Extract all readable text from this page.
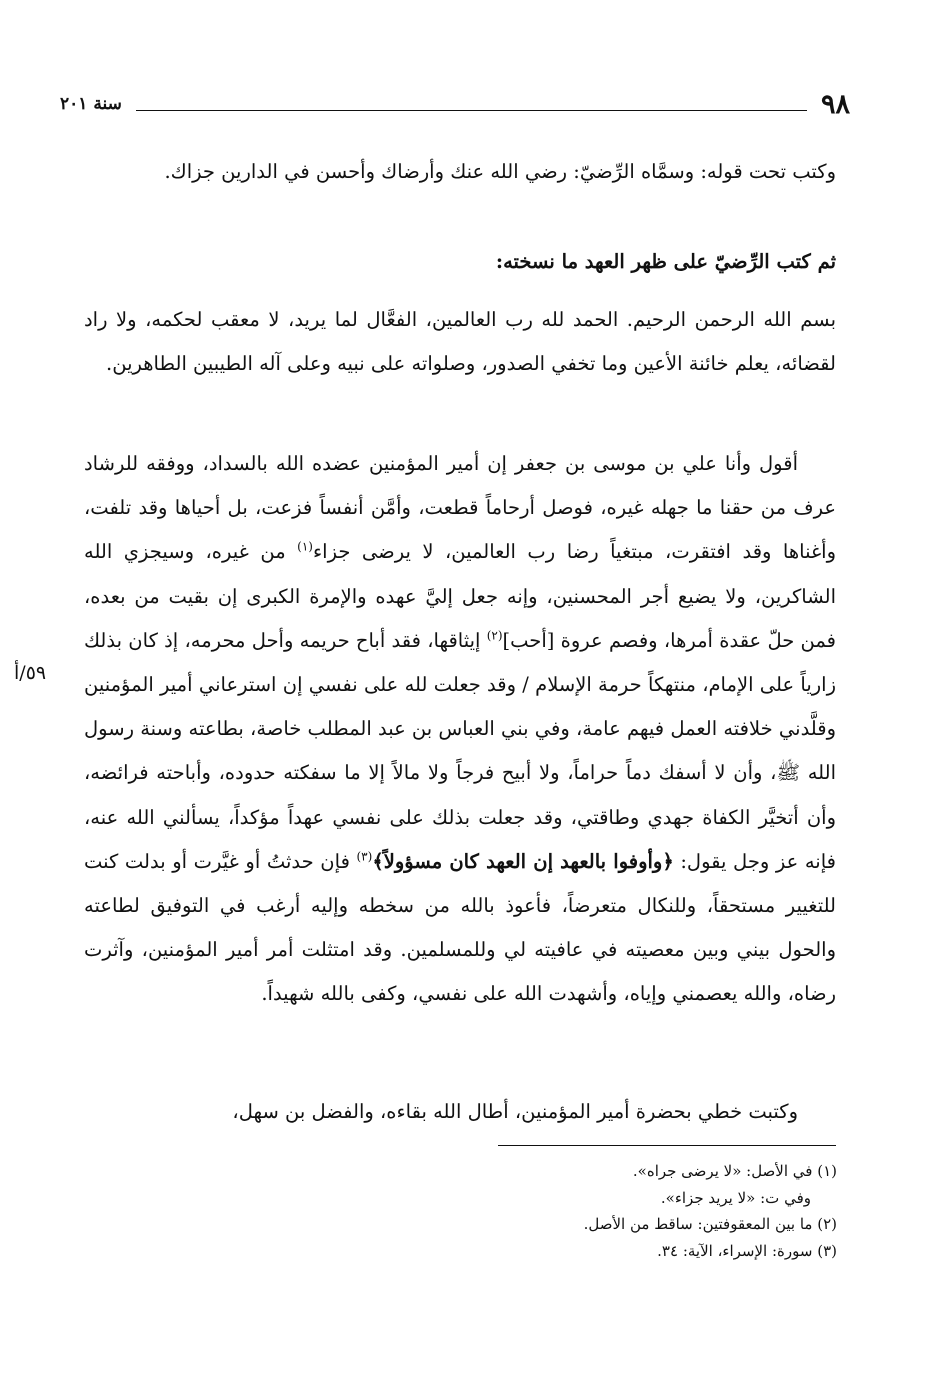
٩٨
سنة ٢٠١
وكتب تحت قوله: وسمَّاه الرِّضيّ: رضي الله عنك وأرضاك وأحسن في الدارين جزاك.
ثم كتب الرِّضيّ على ظهر العهد ما نسخته:
بسم الله الرحمن الرحيم. الحمد لله رب العالمين، الفعَّال لما يريد، لا معقب لحكمه، ولا راد لقضائه، يعلم خائنة الأعين وما تخفي الصدور، وصلواته على نبيه وعلى آله الطيبين الطاهرين.
أقول وأنا علي بن موسى بن جعفر إن أمير المؤمنين عضده الله بالسداد، ووفقه للرشاد عرف من حقنا ما جهله غيره، فوصل أرحاماً قطعت، وأمَّن أنفساً فزعت، بل أحياها وقد تلفت، وأغناها وقد افتقرت، مبتغياً رضا رب العالمين، لا يرضى جزاء$^{(١)}$ من غيره، وسيجزي الله الشاكرين، ولا يضيع أجر المحسنين، وإنه جعل إليَّ عهده والإمرة الكبرى إن بقيت من بعده، فمن حلّ عقدة أمرها، وفصم عروة [أحب]$^{(٢)}$ إيثاقها، فقد أباح حريمه وأحل محرمه، إذ كان بذلك زارياً على الإمام، منتهكاً حرمة الإسلام / وقد جعلت لله على نفسي إن استرعاني أمير المؤمنين وقلَّدني خلافته العمل فيهم عامة، وفي بني العباس بن عبد المطلب خاصة، بطاعته وسنة رسول الله ﷺ، وأن لا أسفك دماً حراماً، ولا أبيح فرجاً ولا مالاً إلا ما سفكته حدوده، وأباحته فرائضه، وأن أتخيَّر الكفاة جهدي وطاقتي، وقد جعلت بذلك على نفسي عهداً مؤكداً، يسألني الله عنه، فإنه عز وجل يقول: ﴿وأوفوا بالعهد إن العهد كان مسؤولاً﴾$^{(٣)}$ فإن حدثتُ أو غيَّرت أو بدلت كنت للتغيير مستحقاً، وللنكال متعرضاً، فأعوذ بالله من سخطه وإليه أرغب في التوفيق لطاعته والحول بيني وبين معصيته في عافيته لي وللمسلمين. وقد امتثلت أمر أمير المؤمنين، وآثرت رضاه، والله يعصمني وإياه، وأشهدت الله على نفسي، وكفى بالله شهيداً.
٥٩/أ
وكتبت خطي بحضرة أمير المؤمنين، أطال الله بقاءه، والفضل بن سهل،
(١) في الأصل: «لا يرضى جراه».
وفي ت: «لا يريد جزاء».
(٢) ما بين المعقوفتين: ساقط من الأصل.
(٣) سورة: الإسراء، الآية: ٣٤.
